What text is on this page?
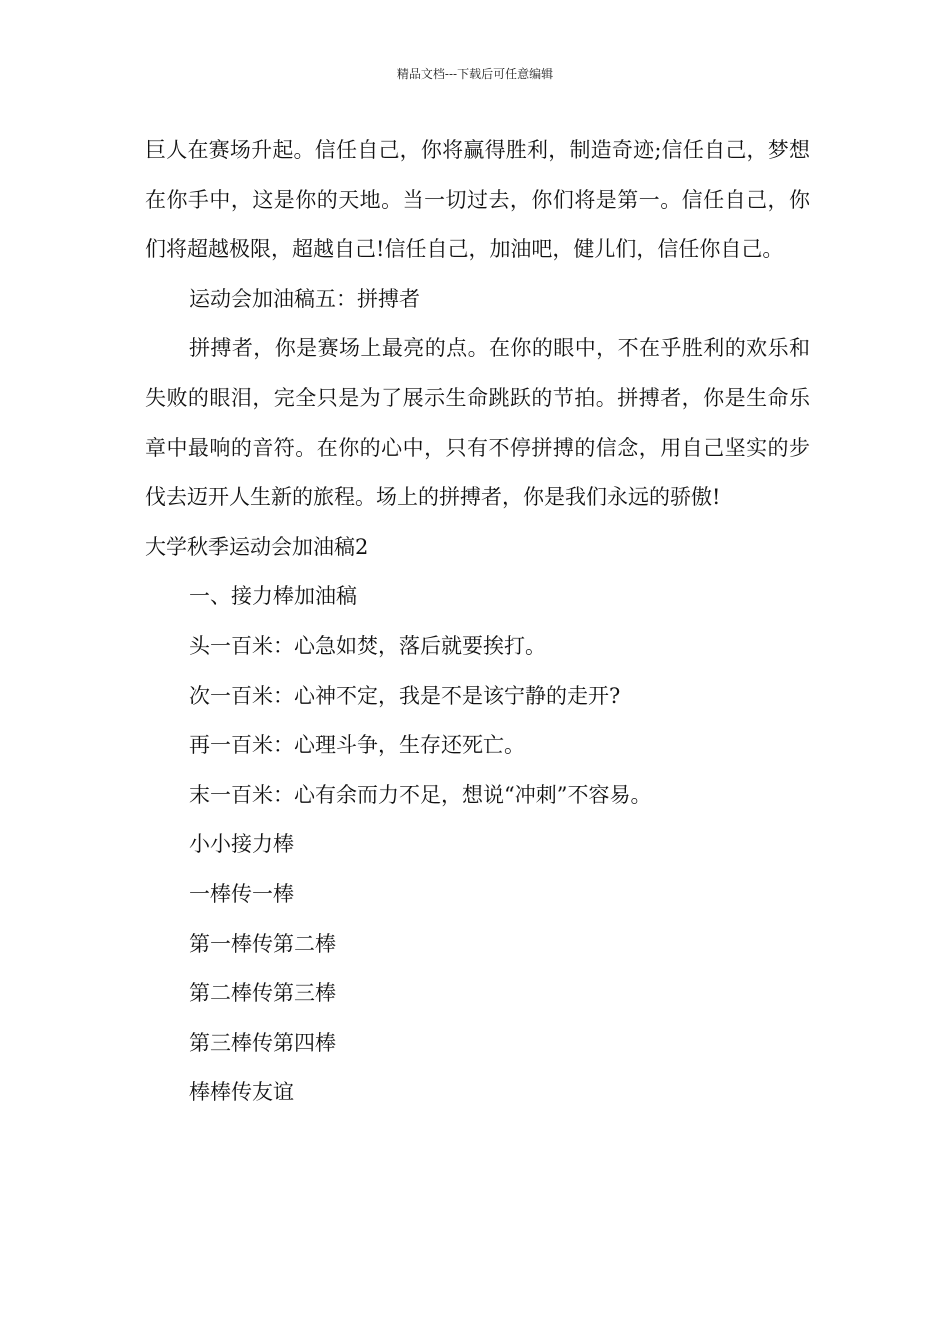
精品文档---下载后可任意编辑

巨人在赛场升起。信任自己，你将赢得胜利，制造奇迹;信任自己，梦想在你手中，这是你的天地。当一切过去，你们将是第一。信任自己，你们将超越极限，超越自己!信任自己，加油吧，健儿们，信任你自己。

运动会加油稿五：拼搏者

拼搏者，你是赛场上最亮的点。在你的眼中，不在乎胜利的欢乐和失败的眼泪，完全只是为了展示生命跳跃的节拍。拼搏者，你是生命乐章中最响的音符。在你的心中，只有不停拼搏的信念，用自己坚实的步伐去迈开人生新的旅程。场上的拼搏者，你是我们永远的骄傲!

大学秋季运动会加油稿2

一、接力棒加油稿

头一百米：心急如焚，落后就要挨打。

次一百米：心神不定，我是不是该宁静的走开?

再一百米：心理斗争，生存还死亡。

末一百米：心有余而力不足，想说“冲刺”不容易。

小小接力棒

一棒传一棒

第一棒传第二棒

第二棒传第三棒

第三棒传第四棒

棒棒传友谊
